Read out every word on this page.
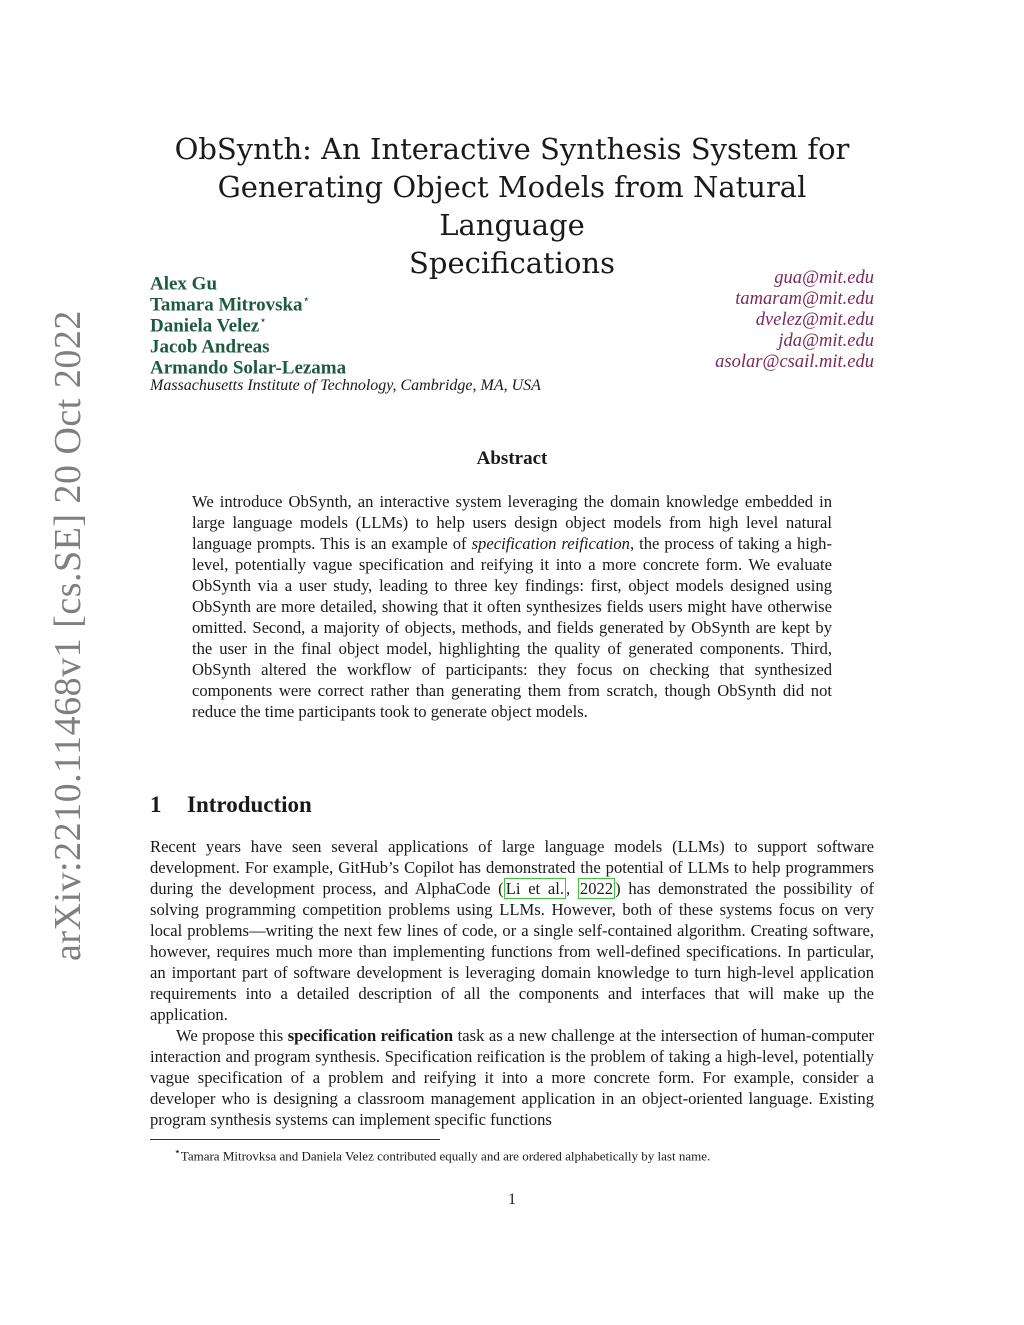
arXiv:2210.11468v1 [cs.SE] 20 Oct 2022
ObSynth: An Interactive Synthesis System for
Generating Object Models from Natural Language
Specifications
Alex Gu	gua@mit.edu
Tamara Mitrovska⋆	tamaram@mit.edu
Daniela Velez⋆	dvelez@mit.edu
Jacob Andreas	jda@mit.edu
Armando Solar-Lezama	asolar@csail.mit.edu
Massachusetts Institute of Technology, Cambridge, MA, USA
Abstract
We introduce ObSynth, an interactive system leveraging the domain knowledge embedded in large language models (LLMs) to help users design object models from high level natural language prompts. This is an example of specification reification, the process of taking a high-level, potentially vague specification and reifying it into a more concrete form. We evaluate ObSynth via a user study, leading to three key findings: first, object models designed using ObSynth are more detailed, showing that it often synthesizes fields users might have otherwise omitted. Second, a majority of objects, methods, and fields generated by ObSynth are kept by the user in the final object model, highlighting the quality of generated components. Third, ObSynth altered the workflow of participants: they focus on checking that synthesized components were correct rather than generating them from scratch, though ObSynth did not reduce the time participants took to generate object models.
1 Introduction

Recent years have seen several applications of large language models (LLMs) to support software development. For example, GitHub’s Copilot has demonstrated the potential of LLMs to help programmers during the development process, and AlphaCode ( Li et al. , 2022 ) has demonstrated the possibility of solving programming competition problems using LLMs. However, both of these systems focus on very local problems—writing the next few lines of code, or a single self-contained algorithm. Creating software, however, requires much more than implementing functions from well-defined specifications. In particular, an important part of software development is leveraging domain knowledge to turn high-level application requirements into a detailed description of all the components and interfaces that will make up the application.

We propose this specification reification task as a new challenge at the intersection of human-computer interaction and program synthesis. Specification reification is the problem of taking a high-level, potentially vague specification of a problem and reifying it into a more concrete form. For example, consider a developer who is designing a classroom management application in an object-oriented language. Existing program synthesis systems can implement specific functions

⋆Tamara Mitrovksa and Daniela Velez contributed equally and are ordered alphabetically by last name.
1
